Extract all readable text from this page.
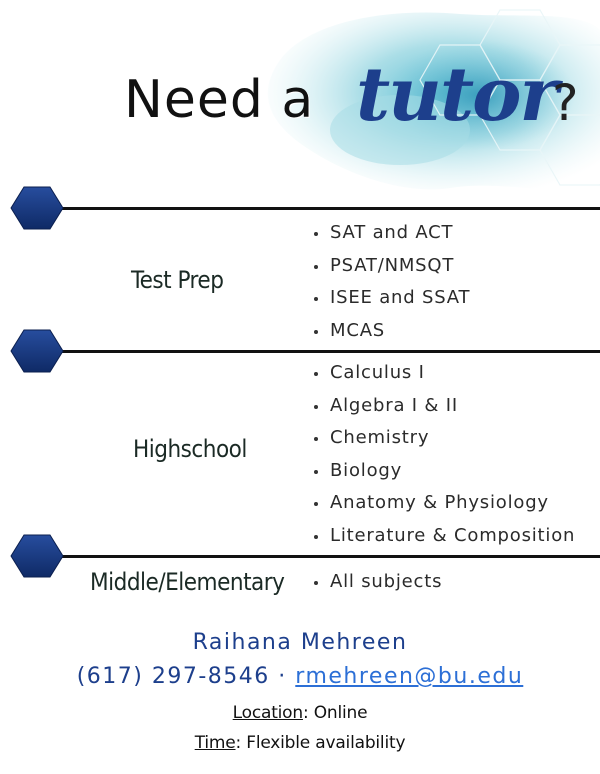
Need a tutor
?
Test Prep
SAT and ACT
PSAT/NMSQT
ISEE and SSAT
MCAS
Highschool
Calculus I
Algebra I & II
Chemistry
Biology
Anatomy & Physiology
Literature & Composition
Middle/Elementary	All subjects
Raihana Mehreen
(617) 297-8546 · rmehreen@bu.edu
Location: Online
Time: Flexible availability
